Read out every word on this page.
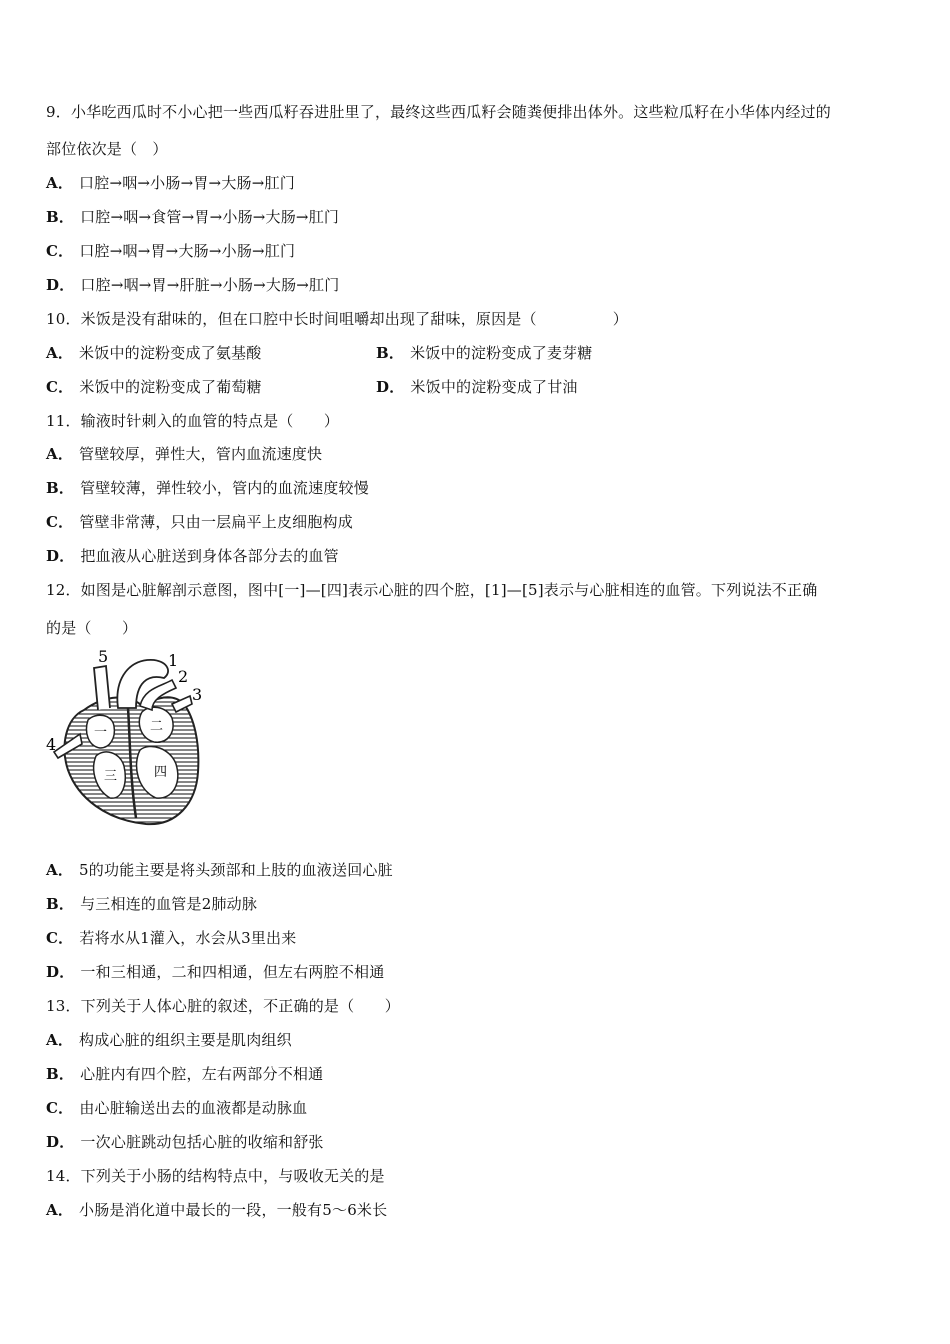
9．小华吃西瓜时不小心把一些西瓜籽吞进肚里了，最终这些西瓜籽会随粪便排出体外。这些粒瓜籽在小华体内经过的
部位依次是（　）
A． 口腔→咽→小肠→胃→大肠→肛门
B． 口腔→咽→食管→胃→小肠→大肠→肛门
C． 口腔→咽→胃→大肠→小肠→肛门
D． 口腔→咽→胃→肝脏→小肠→大肠→肛门
10．米饭是没有甜味的，但在口腔中长时间咀嚼却出现了甜味，原因是（　　　　　）
A． 米饭中的淀粉变成了氨基酸	B． 米饭中的淀粉变成了麦芽糖
C． 米饭中的淀粉变成了葡萄糖	D． 米饭中的淀粉变成了甘油
11．输液时针刺入的血管的特点是（　　）
A． 管壁较厚，弹性大，管内血流速度快
B． 管壁较薄，弹性较小，管内的血流速度较慢
C． 管壁非常薄，只由一层扁平上皮细胞构成
D． 把血液从心脏送到身体各部分去的血管
12．如图是心脏解剖示意图，图中[一]—[四]表示心脏的四个腔，[1]—[5]表示与心脏相连的血管。下列说法不正确
的是（　　）
1
2
3
4
5
一	二
三	四
A． 5的功能主要是将头颈部和上肢的血液送回心脏
B． 与三相连的血管是2肺动脉
C． 若将水从1灌入，水会从3里出来
D． 一和三相通，二和四相通，但左右两腔不相通
13．下列关于人体心脏的叙述，不正确的是（　　）
A． 构成心脏的组织主要是肌肉组织
B． 心脏内有四个腔，左右两部分不相通
C． 由心脏输送出去的血液都是动脉血
D． 一次心脏跳动包括心脏的收缩和舒张
14．下列关于小肠的结构特点中，与吸收无关的是
A． 小肠是消化道中最长的一段，一般有5～6米长
